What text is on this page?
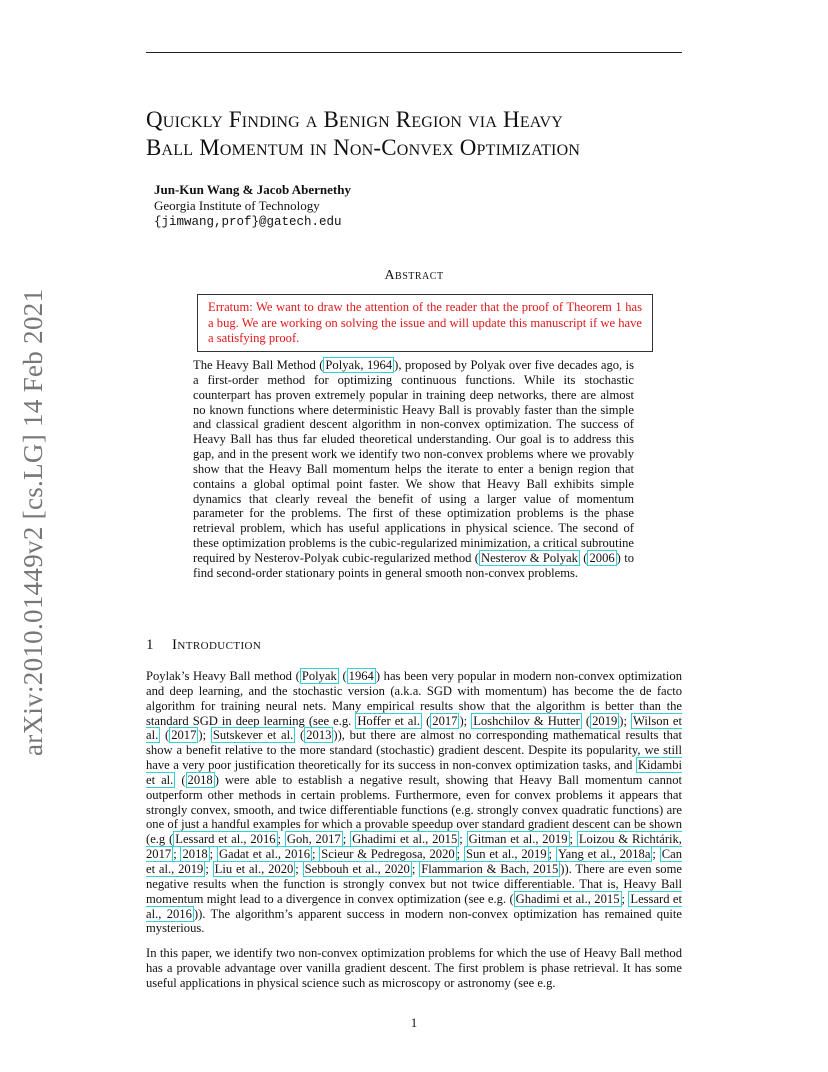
arXiv:2010.01449v2 [cs.LG] 14 Feb 2021
Quickly Finding a Benign Region via Heavy
Ball Momentum in Non-Convex Optimization
Jun-Kun Wang & Jacob Abernethy
Georgia Institute of Technology
{jimwang,prof}@gatech.edu
Abstract
Erratum: We want to draw the attention of the reader that the proof of Theorem 1 has a bug. We are working on solving the issue and will update this manuscript if we have a satisfying proof.
The Heavy Ball Method ( Polyak, 1964 ), proposed by Polyak over five decades ago, is a first-order method for optimizing continuous functions. While its stochastic counterpart has proven extremely popular in training deep networks, there are almost no known functions where deterministic Heavy Ball is provably faster than the simple and classical gradient descent algorithm in non-convex optimization. The success of Heavy Ball has thus far eluded theoretical understanding. Our goal is to address this gap, and in the present work we identify two non-convex problems where we provably show that the Heavy Ball momentum helps the iterate to enter a benign region that contains a global optimal point faster. We show that Heavy Ball exhibits simple dynamics that clearly reveal the benefit of using a larger value of momentum parameter for the problems. The first of these optimization problems is the phase retrieval problem, which has useful applications in physical science. The second of these optimization problems is the cubic-regularized minimization, a critical subroutine required by Nesterov-Polyak cubic-regularized method ( Nesterov & Polyak ( 2006 ) to find second-order stationary points in general smooth non-convex problems.
1 Introduction
Poylak’s Heavy Ball method ( Polyak ( 1964 ) has been very popular in modern non-convex optimization and deep learning, and the stochastic version (a.k.a. SGD with momentum) has become the de facto algorithm for training neural nets. Many empirical results show that the algorithm is better than the standard SGD in deep learning (see e.g. Hoffer et al. ( 2017 ); Loshchilov & Hutter ( 2019 ); Wilson et al. ( 2017 ); Sutskever et al. ( 2013 )), but there are almost no corresponding mathematical results that show a benefit relative to the more standard (stochastic) gradient descent. Despite its popularity, we still have a very poor justification theoretically for its success in non-convex optimization tasks, and Kidambi et al. ( 2018 ) were able to establish a negative result, showing that Heavy Ball momentum cannot outperform other methods in certain problems. Furthermore, even for convex problems it appears that strongly convex, smooth, and twice differentiable functions (e.g. strongly convex quadratic functions) are one of just a handful examples for which a provable speedup over standard gradient descent can be shown (e.g ( Lessard et al., 2016 ; Goh, 2017 ; Ghadimi et al., 2015 ; Gitman et al., 2019 ; Loizou & Richtárik, 2017 ; 2018 ; Gadat et al., 2016 ; Scieur & Pedregosa, 2020 ; Sun et al., 2019 ; Yang et al., 2018a ; Can et al., 2019 ; Liu et al., 2020 ; Sebbouh et al., 2020 ; Flammarion & Bach, 2015 )). There are even some negative results when the function is strongly convex but not twice differentiable. That is, Heavy Ball momentum might lead to a divergence in convex optimization (see e.g. ( Ghadimi et al., 2015 ; Lessard et al., 2016 )). The algorithm’s apparent success in modern non-convex optimization has remained quite mysterious.
In this paper, we identify two non-convex optimization problems for which the use of Heavy Ball method has a provable advantage over vanilla gradient descent. The first problem is phase retrieval. It has some useful applications in physical science such as microscopy or astronomy (see e.g.
1
